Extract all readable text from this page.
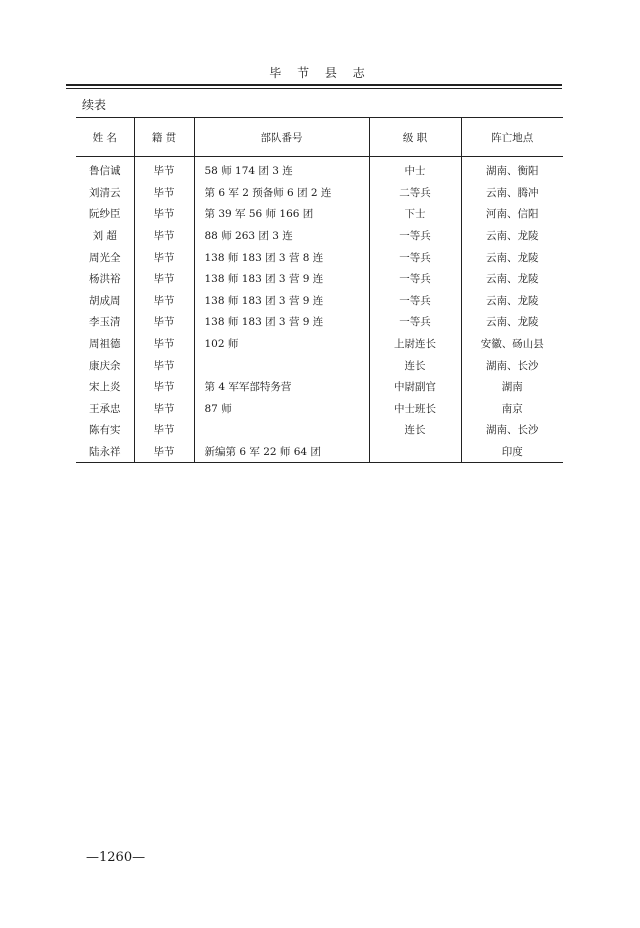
毕 节 县 志
续表
姓 名	籍 贯	部队番号	级 职	阵亡地点
鲁信诚	毕节	58 师 174 团 3 连	中士	湖南、衡阳
刘清云	毕节	第 6 军 2 预备师 6 团 2 连	二等兵	云南、腾冲
阮纱臣	毕节	第 39 军 56 师 166 团	下士	河南、信阳
刘 超	毕节	88 师 263 团 3 连	一等兵	云南、龙陵
周光全	毕节	138 师 183 团 3 营 8 连	一等兵	云南、龙陵
杨洪裕	毕节	138 师 183 团 3 营 9 连	一等兵	云南、龙陵
胡成周	毕节	138 师 183 团 3 营 9 连	一等兵	云南、龙陵
李玉清	毕节	138 师 183 团 3 营 9 连	一等兵	云南、龙陵
周祖德	毕节	102 师	上尉连长	安徽、砀山县
康庆余	毕节		连长	湖南、长沙
宋上炎	毕节	第 4 军军部特务营	中尉副官	湖南
王承忠	毕节	87 师	中士班长	南京
陈有实	毕节		连长	湖南、长沙
陆永祥	毕节	新编第 6 军 22 师 64 团		印度
—1260—
